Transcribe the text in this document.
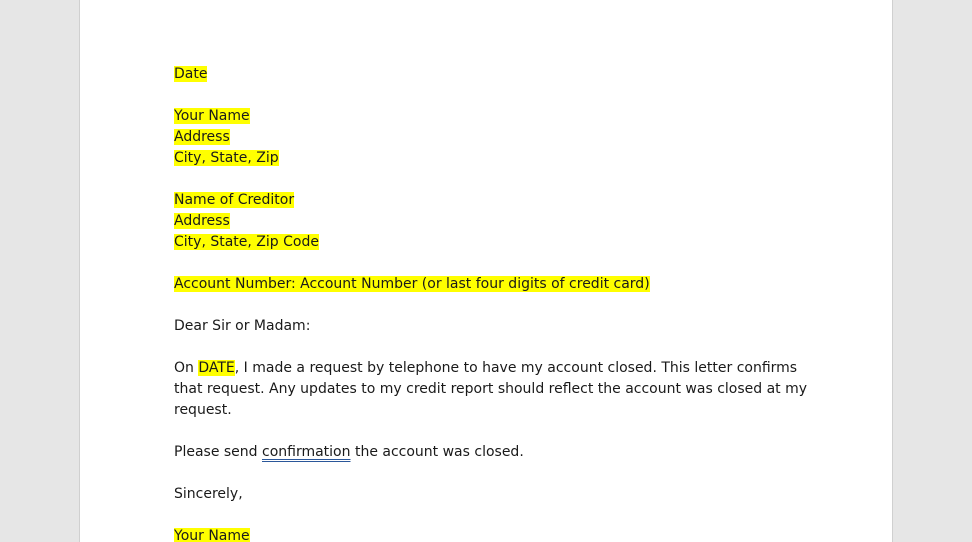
Date

Your Name
Address
City, State, Zip

Name of Creditor
Address
City, State, Zip Code

Account Number: Account Number (or last four digits of credit card)

Dear Sir or Madam:

On DATE, I made a request by telephone to have my account closed. This letter confirms that request. Any updates to my credit report should reflect the account was closed at my request.

Please send confirmation the account was closed.

Sincerely,

Your Name
